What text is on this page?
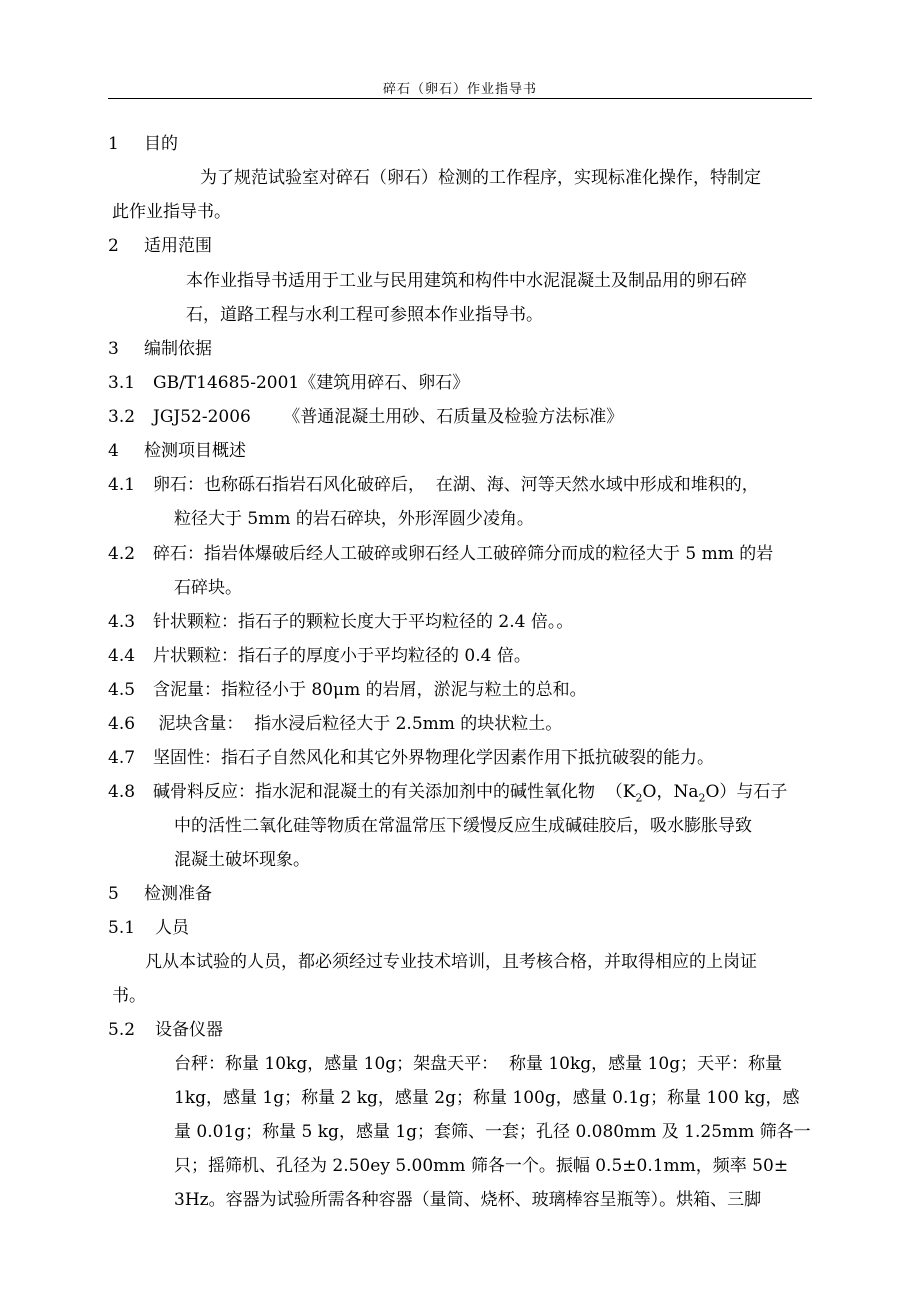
碎石（卵石）作业指导书
1 目的
为了规范试验室对碎石（卵石）检测的工作程序，实现标准化操作，特制定
此作业指导书。
2 适用范围
本作业指导书适用于工业与民用建筑和构件中水泥混凝土及制品用的卵石碎
石，道路工程与水利工程可参照本作业指导书。
3 编制依据
3.1 GB/T14685-2001《建筑用碎石、卵石》
3.2 JGJ52-2006      《普通混凝土用砂、石质量及检验方法标准》
4 检测项目概述
4.1 卵石：也称砾石指岩石风化破碎后，  在湖、海、河等天然水域中形成和堆积的，
粒径大于 5mm 的岩石碎块，外形浑圆少凌角。
4.2 碎石：指岩体爆破后经人工破碎或卵石经人工破碎筛分而成的粒径大于 5 mm 的岩
石碎块。
4.3 针状颗粒：指石子的颗粒长度大于平均粒径的 2.4 倍。。
4.4 片状颗粒：指石子的厚度小于平均粒径的 0.4 倍。
4.5 含泥量：指粒径小于 80μm 的岩屑，淤泥与粒土的总和。
4.6 泥块含量：  指水浸后粒径大于 2.5mm 的块状粒土。
4.7 坚固性：指石子自然风化和其它外界物理化学因素作用下抵抗破裂的能力。
4.8 碱骨料反应：指水泥和混凝土的有关添加剂中的碱性氧化物  （$K_2O$，$Na_2O$）与石子
中的活性二氧化硅等物质在常温常压下缓慢反应生成碱硅胶后，吸水膨胀导致
混凝土破坏现象。
5 检测准备
5.1 人员
凡从本试验的人员，都必须经过专业技术培训，且考核合格，并取得相应的上岗证
书。
5.2 设备仪器
台秤：称量 10kg，感量 10g；架盘天平：  称量 10kg，感量 10g；天平：称量
1kg，感量 1g；称量 2 kg，感量 2g；称量 100g，感量 0.1g；称量 100 kg，感
量 0.01g；称量 5 kg，感量 1g；套筛、一套；孔径 0.080mm 及 1.25mm 筛各一
只；摇筛机、孔径为 2.50ey 5.00mm 筛各一个。振幅 0.5±0.1mm，频率 50±
3Hz。容器为试验所需各种容器（量筒、烧杯、玻璃棒容呈瓶等）。烘箱、三脚
